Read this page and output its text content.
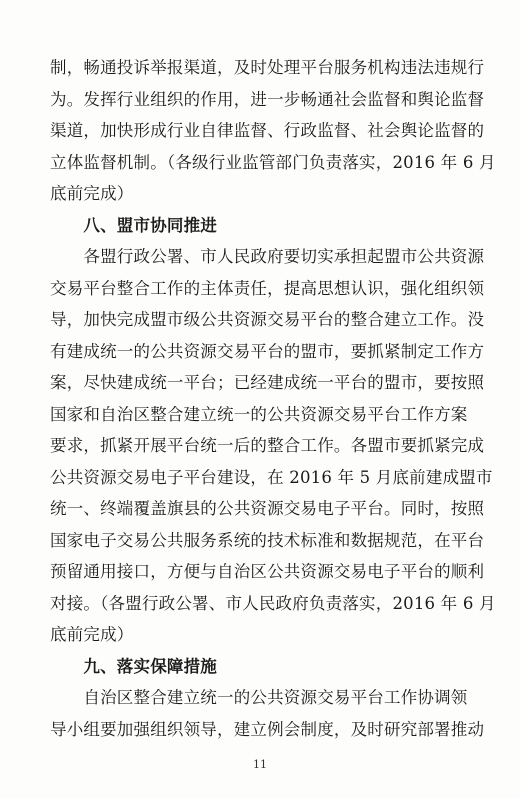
制，畅通投诉举报渠道，及时处理平台服务机构违法违规行
为。发挥行业组织的作用，进一步畅通社会监督和舆论监督
渠道，加快形成行业自律监督、行政监督、社会舆论监督的
立体监督机制。（各级行业监管部门负责落实，2016 年 6 月
底前完成）
　　八、盟市协同推进
　　各盟行政公署、市人民政府要切实承担起盟市公共资源
交易平台整合工作的主体责任，提高思想认识，强化组织领
导，加快完成盟市级公共资源交易平台的整合建立工作。没
有建成统一的公共资源交易平台的盟市，要抓紧制定工作方
案，尽快建成统一平台；已经建成统一平台的盟市，要按照
国家和自治区整合建立统一的公共资源交易平台工作方案
要求，抓紧开展平台统一后的整合工作。各盟市要抓紧完成
公共资源交易电子平台建设，在 2016 年 5 月底前建成盟市
统一、终端覆盖旗县的公共资源交易电子平台。同时，按照
国家电子交易公共服务系统的技术标准和数据规范，在平台
预留通用接口，方便与自治区公共资源交易电子平台的顺利
对接。（各盟行政公署、市人民政府负责落实，2016 年 6 月
底前完成）
　　九、落实保障措施
　　自治区整合建立统一的公共资源交易平台工作协调领
导小组要加强组织领导，建立例会制度，及时研究部署推动
11
